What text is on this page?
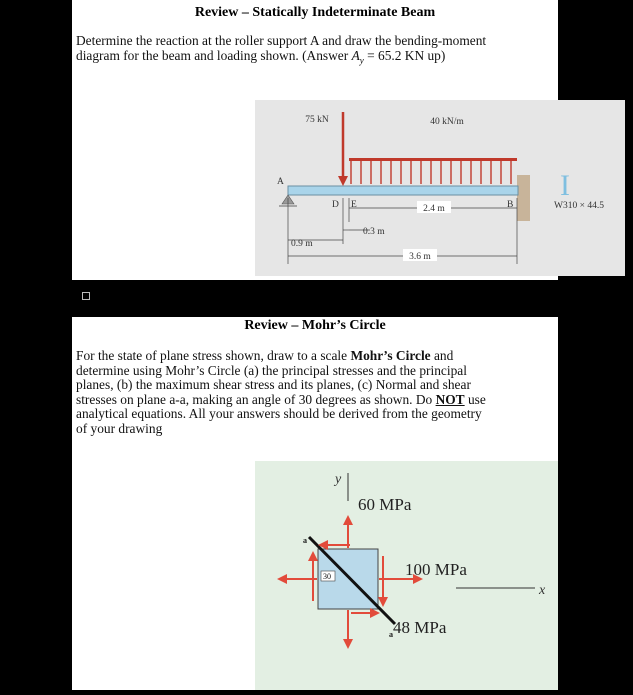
Review – Statically Indeterminate Beam
Determine the reaction at the roller support A and draw the bending-moment
diagram for the beam and loading shown. (Answer $A_y = 65.2$ KN up)
75 kN	40 kN/m
A
B
D E	2.4 m
0.3 m
0.9 m
3.6 m
I
W310 × 44.5
Review – Mohr’s Circle
For the state of plane stress shown, draw to a scale Mohr’s Circle and
determine using Mohr’s Circle (a) the principal stresses and the principal
planes, (b) the maximum shear stress and its planes, (c) Normal and shear
stresses on plane a-a, making an angle of 30 degrees as shown. Do NOT use
analytical equations. All your answers should be derived from the geometry
of your drawing
y
x
a
a
30
60 MPa
100 MPa
48 MPa
